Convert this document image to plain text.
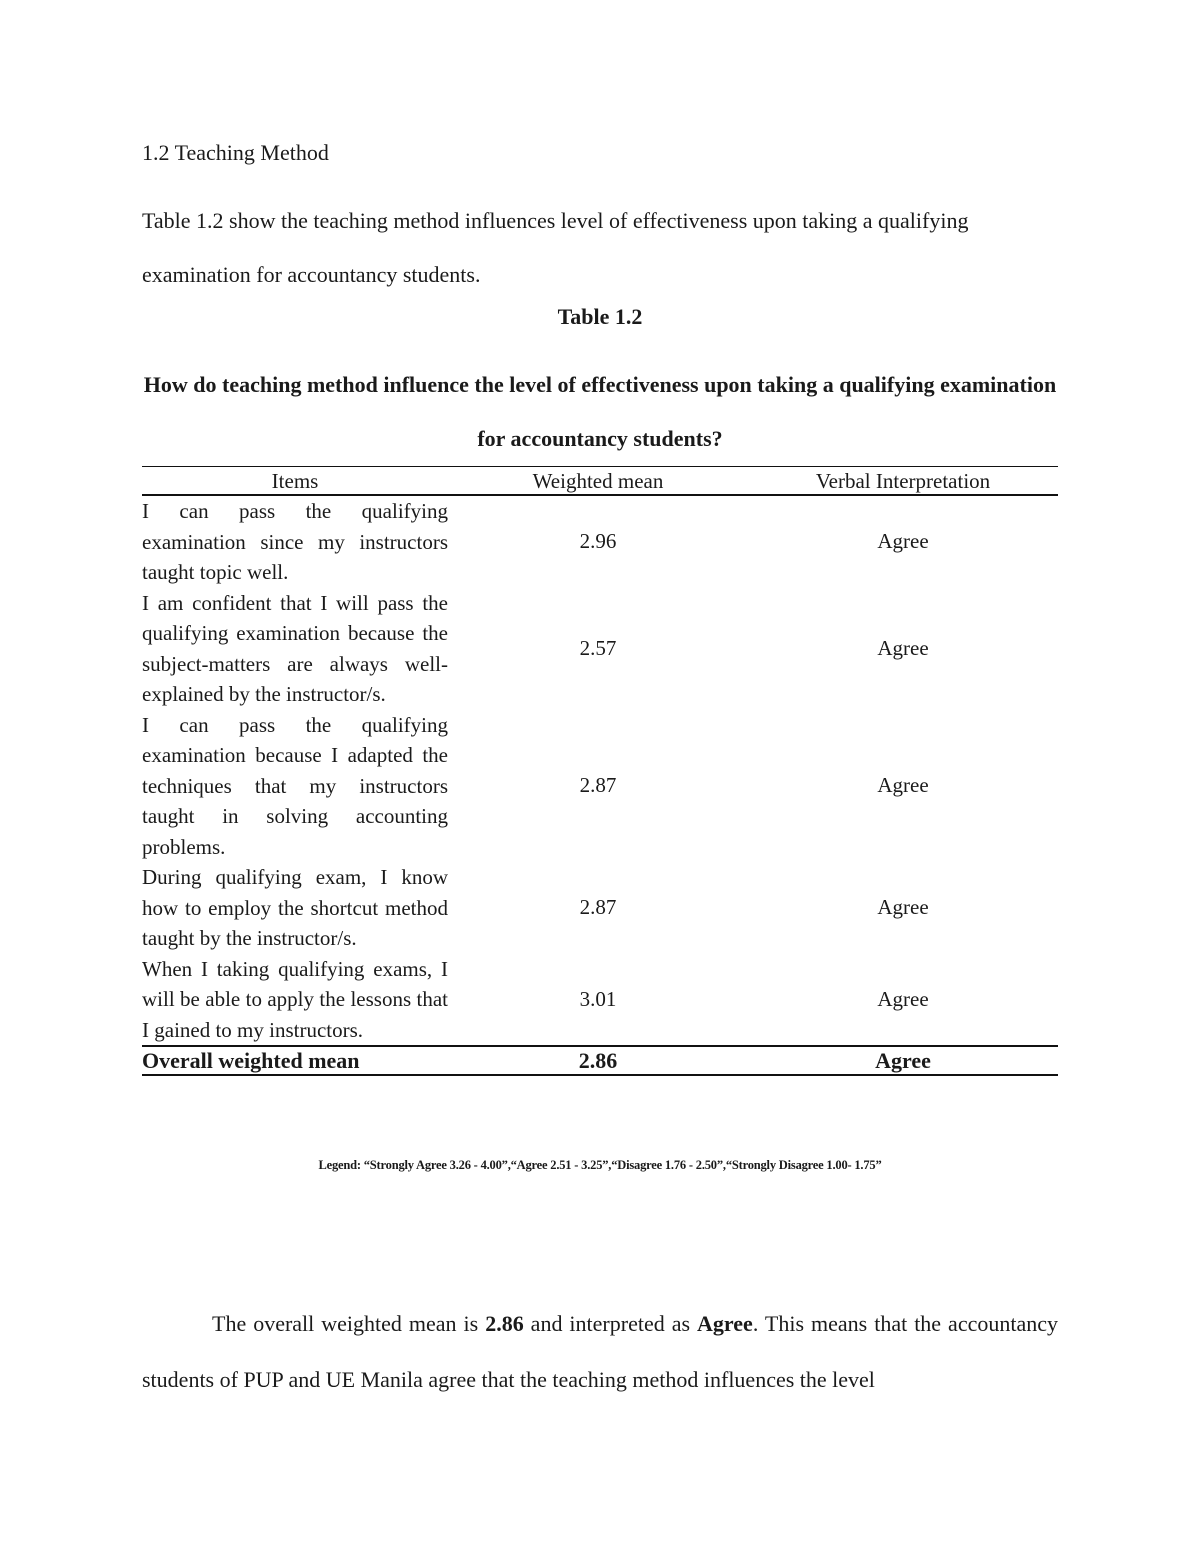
1.2 Teaching Method

Table 1.2 show the teaching method influences level of effectiveness upon taking a qualifying examination for accountancy students.

Table 1.2

How do teaching method influence the level of effectiveness upon taking a qualifying examination for accountancy students?

Items	Weighted mean	Verbal Interpretation
I can pass the qualifying examination since my instructors taught topic well.	2.96	Agree
I am confident that I will pass the qualifying examination because the subject-matters are always well-explained by the instructor/s.	2.57	Agree
I can pass the qualifying examination because I adapted the techniques that my instructors taught in solving accounting problems.	2.87	Agree
During qualifying exam, I know how to employ the shortcut method taught by the instructor/s.	2.87	Agree
When I taking qualifying exams, I will be able to apply the lessons that I gained to my instructors.	3.01	Agree
Overall weighted mean	2.86	Agree
Legend: “Strongly Agree 3.26 - 4.00”,“Agree 2.51 - 3.25”,“Disagree 1.76 - 2.50”,“Strongly Disagree 1.00- 1.75”

The overall weighted mean is 2.86 and interpreted as Agree. This means that the accountancy students of PUP and UE Manila agree that the teaching method influences the level
